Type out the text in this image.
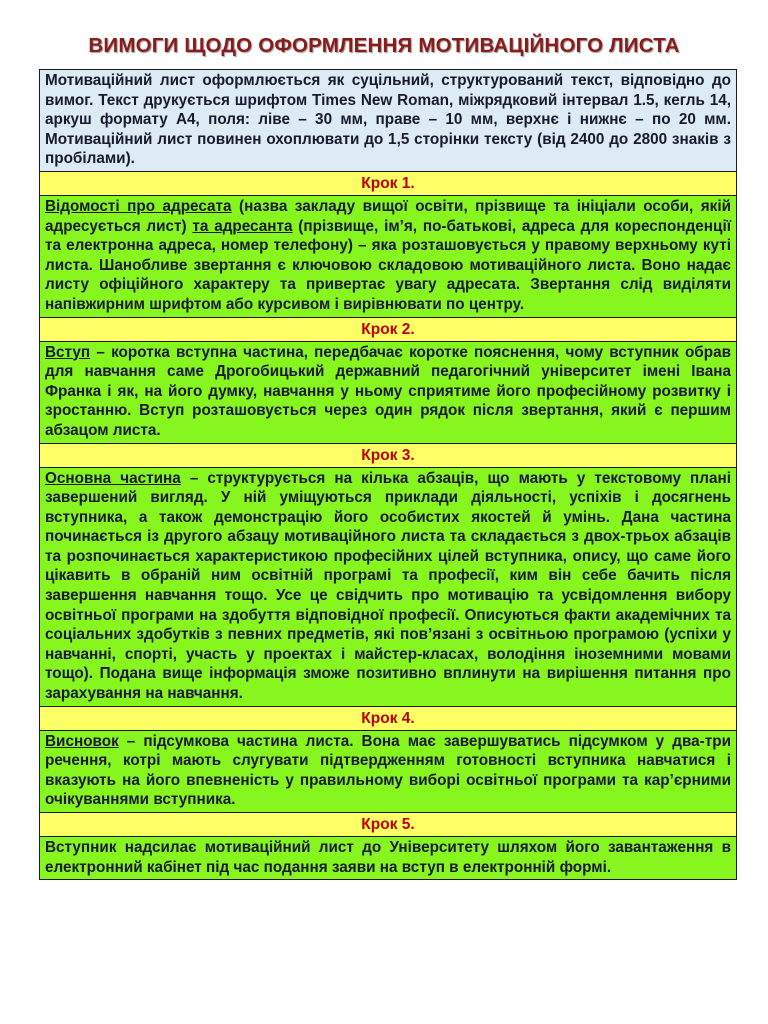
ВИМОГИ ЩОДО ОФОРМЛЕННЯ МОТИВАЦІЙНОГО ЛИСТА
Мотиваційний лист оформлюється як суцільний, структурований текст, відповідно до вимог. Текст друкується шрифтом Times New Roman, міжрядковий інтервал 1.5, кегль 14, аркуш формату А4, поля: ліве – 30 мм, праве – 10 мм, верхнє і нижнє – по 20 мм. Мотиваційний лист повинен охоплювати до 1,5 сторінки тексту (від 2400 до 2800 знаків з пробілами).
Крок 1.
Відомості про адресата (назва закладу вищої освіти, прізвище та ініціали особи, якій адресується лист) та адресанта (прізвище, ім’я, по-батькові, адреса для кореспонденції та електронна адреса, номер телефону) – яка розташовується у правому верхньому куті листа. Шанобливе звертання є ключовою складовою мотиваційного листа. Воно надає листу офіційного характеру та привертає увагу адресата. Звертання слід виділяти напівжирним шрифтом або курсивом і вирівнювати по центру.
Крок 2.
Вступ – коротка вступна частина, передбачає коротке пояснення, чому вступник обрав для навчання саме Дрогобицький державний педагогічний університет імені Івана Франка і як, на його думку, навчання у ньому сприятиме його професійному розвитку і зростанню. Вступ розташовується через один рядок після звертання, який є першим абзацом листа.
Крок 3.
Основна частина – структурується на кілька абзаців, що мають у текстовому плані завершений вигляд. У ній уміщуються приклади діяльності, успіхів і досягнень вступника, а також демонстрацію його особистих якостей й умінь. Дана частина починається із другого абзацу мотиваційного листа та складається з двох-трьох абзаців та розпочинається характеристикою професійних цілей вступника, опису, що саме його цікавить в обраній ним освітній програмі та професії, ким він себе бачить після завершення навчання тощо. Усе це свідчить про мотивацію та усвідомлення вибору освітньої програми на здобуття відповідної професії. Описуються факти академічних та соціальних здобутків з певних предметів, які пов’язані з освітньою програмою (успіхи у навчанні, спорті, участь у проектах і майстер-класах, володіння іноземними мовами тощо). Подана вище інформація зможе позитивно вплинути на вирішення питання про зарахування на навчання.
Крок 4.
Висновок – підсумкова частина листа. Вона має завершуватись підсумком у два-три речення, котрі мають слугувати підтвердженням готовності вступника навчатися і вказують на його впевненість у правильному виборі освітньої програми та кар’єрними очікуваннями вступника.
Крок 5.
Вступник надсилає мотиваційний лист до Університету шляхом його завантаження в електронний кабінет під час подання заяви на вступ в електронній формі.
